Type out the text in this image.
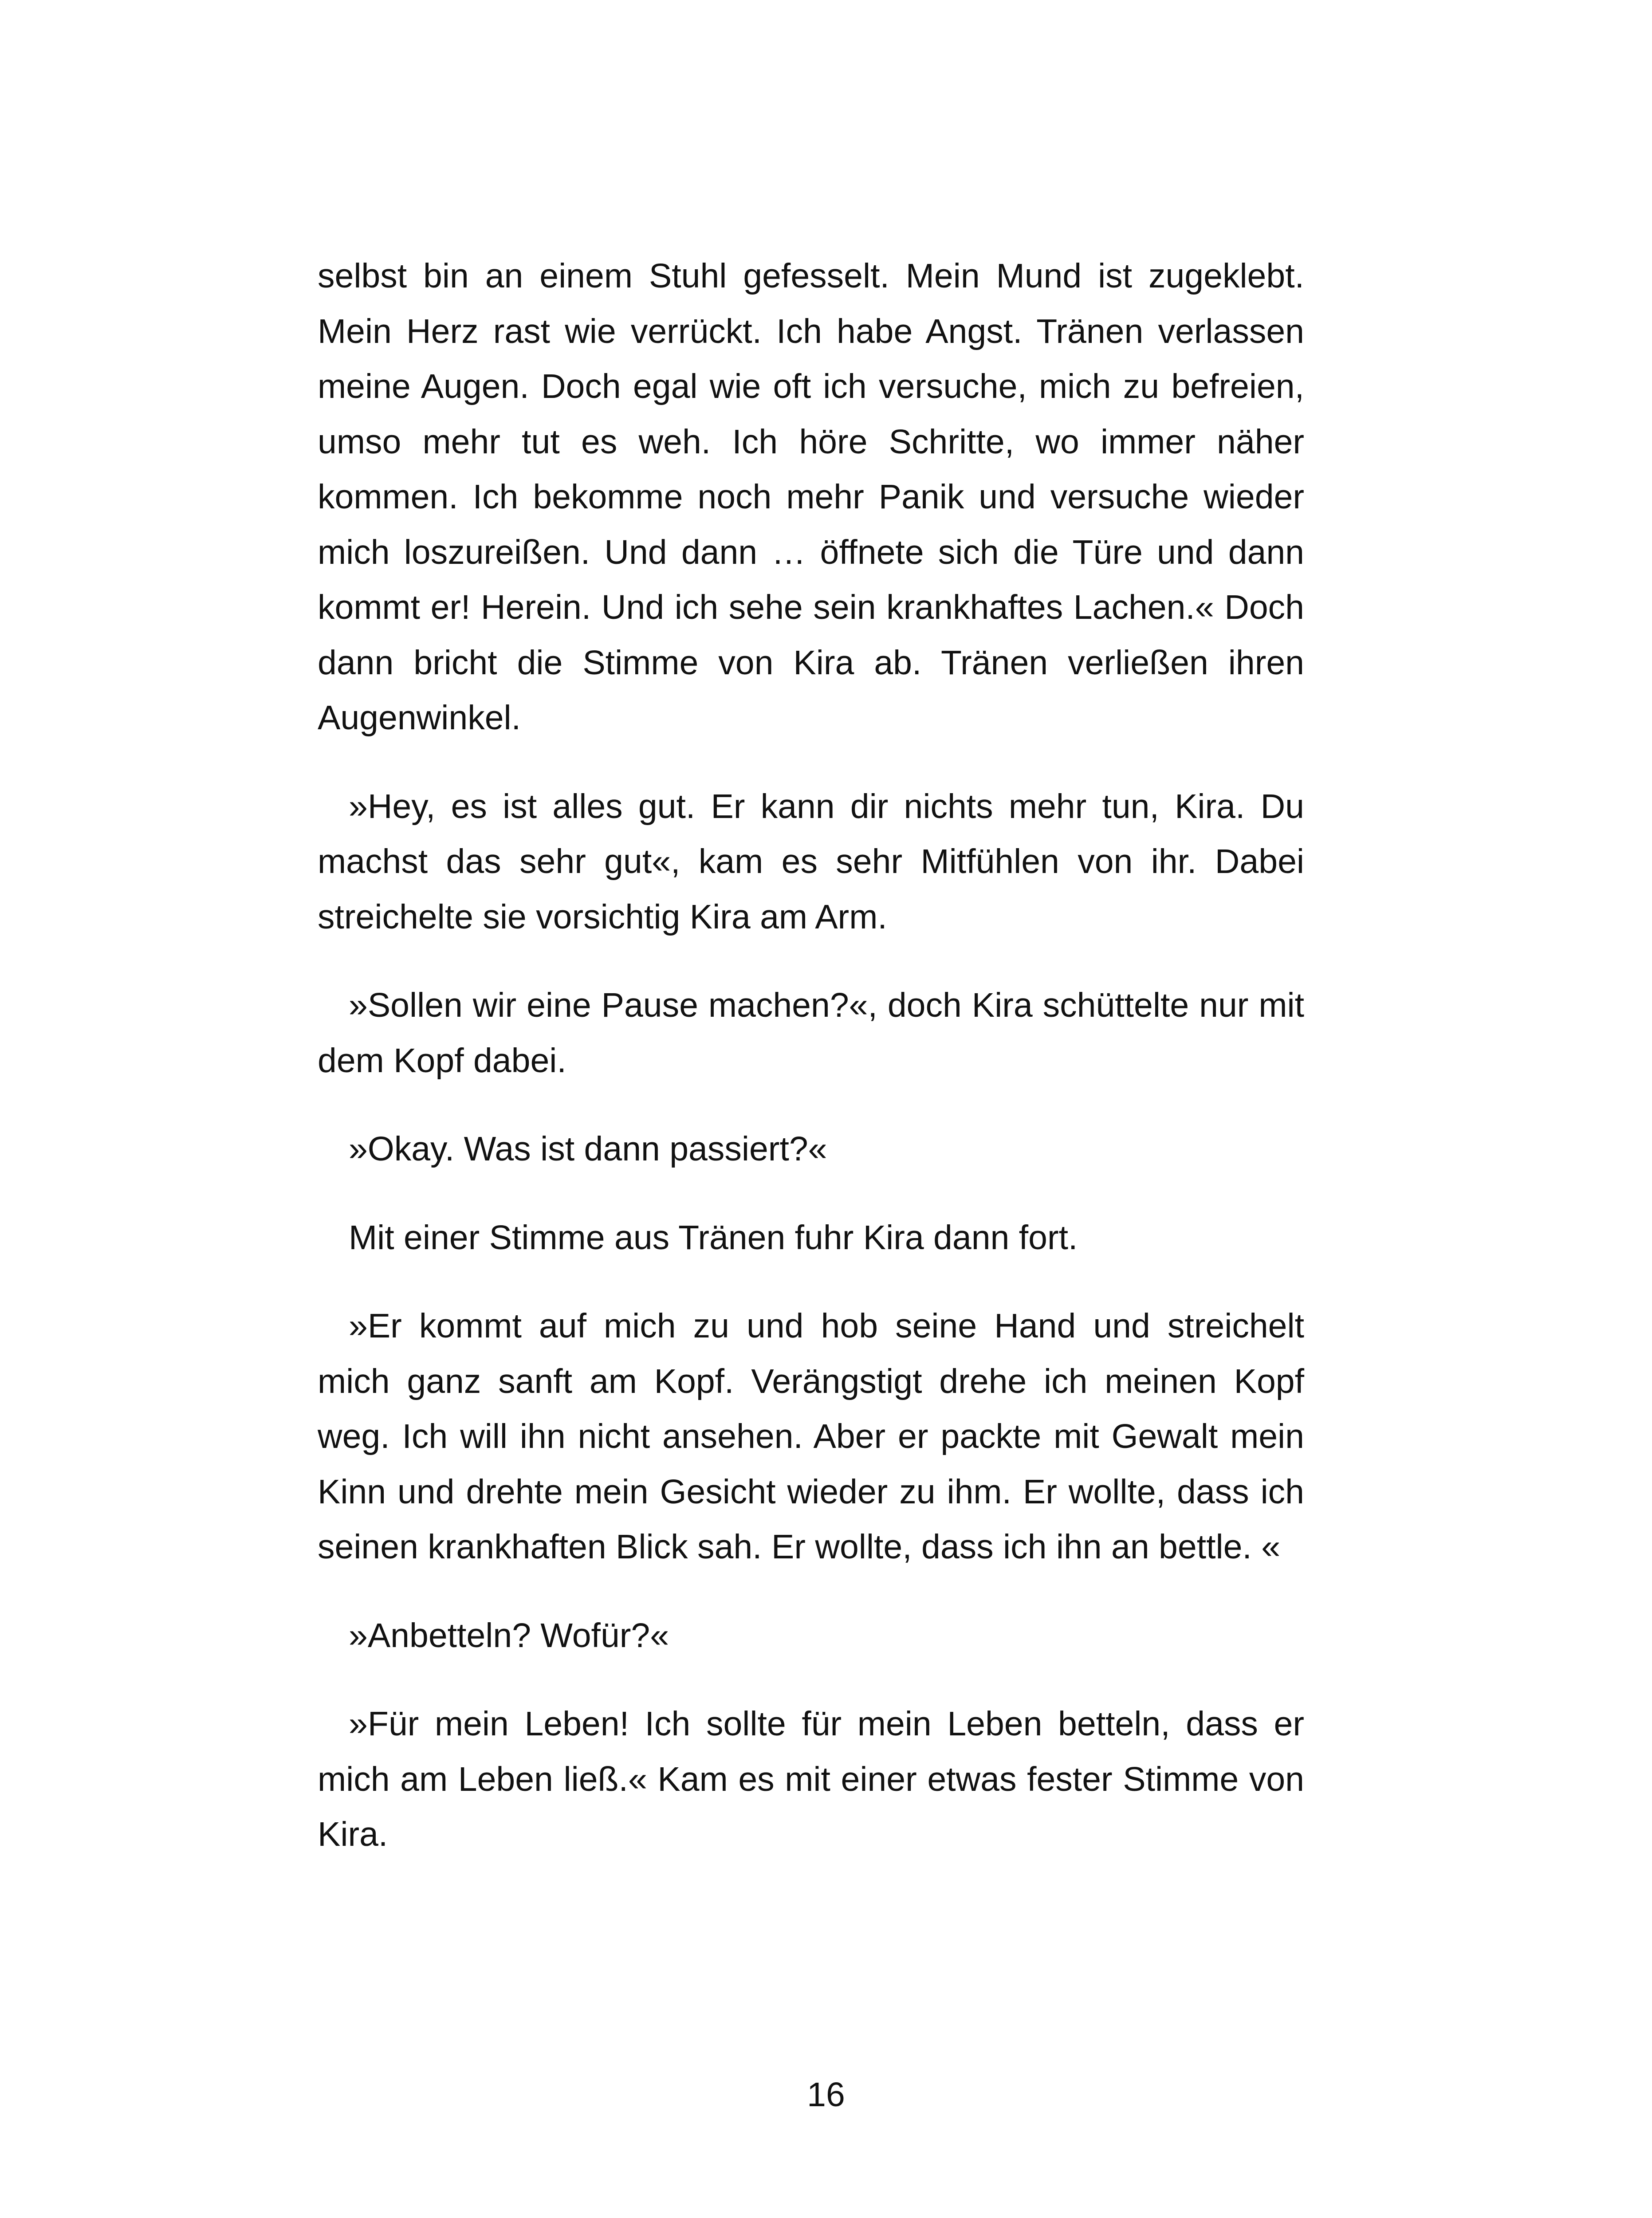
selbst bin an einem Stuhl gefesselt. Mein Mund ist zugeklebt. Mein Herz rast wie verrückt. Ich habe Angst. Tränen verlassen meine Augen. Doch egal wie oft ich versuche, mich zu befreien, umso mehr tut es weh. Ich höre Schritte, wo immer näher kommen. Ich bekomme noch mehr Panik und versuche wieder mich loszureißen. Und dann … öffnete sich die Türe und dann kommt er! Herein. Und ich sehe sein krankhaftes Lachen.« Doch dann bricht die Stimme von Kira ab. Tränen verließen ihren Augenwinkel.

»Hey, es ist alles gut. Er kann dir nichts mehr tun, Kira. Du machst das sehr gut«, kam es sehr Mitfühlen von ihr. Dabei streichelte sie vorsichtig Kira am Arm.

»Sollen wir eine Pause machen?«, doch Kira schüttelte nur mit dem Kopf dabei.

»Okay. Was ist dann passiert?«

Mit einer Stimme aus Tränen fuhr Kira dann fort.

»Er kommt auf mich zu und hob seine Hand und streichelt mich ganz sanft am Kopf. Verängstigt drehe ich meinen Kopf weg. Ich will ihn nicht ansehen. Aber er packte mit Gewalt mein Kinn und drehte mein Gesicht wieder zu ihm. Er wollte, dass ich seinen krankhaften Blick sah. Er wollte, dass ich ihn an bettle. «

»Anbetteln? Wofür?«

»Für mein Leben! Ich sollte für mein Leben betteln, dass er mich am Leben ließ.« Kam es mit einer etwas fester Stimme von Kira.

16
